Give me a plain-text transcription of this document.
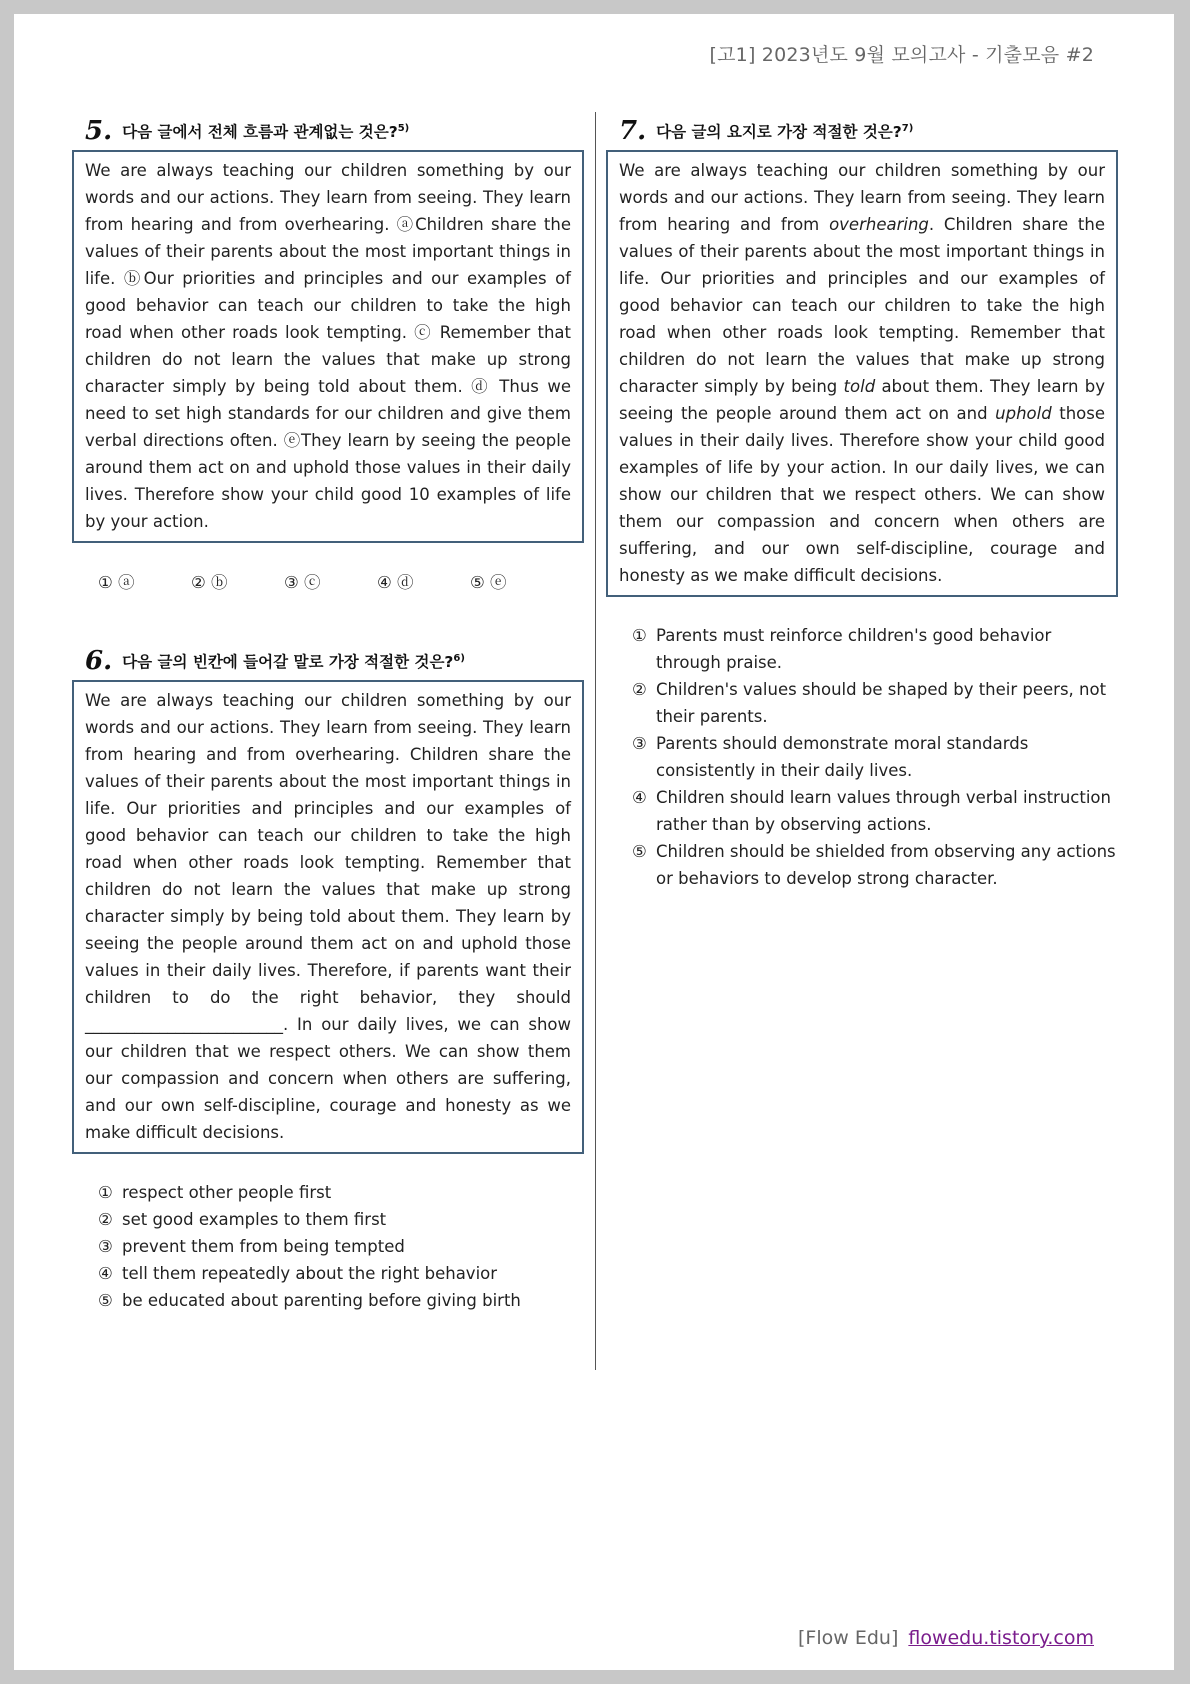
[고1] 2023년도 9월 모의고사 - 기출모음 #2
5. 다음 글에서 전체 흐름과 관계없는 것은?$^{5)}$

We are always teaching our children something by our words and our actions. They learn from seeing. They learn from hearing and from overhearing. ⓐChildren share the values of their parents about the most important things in life. ⓑOur priorities and principles and our examples of good behavior can teach our children to take the high road when other roads look tempting. ⓒ Remember that children do not learn the values that make up strong character simply by being told about them. ⓓ Thus we need to set high standards for our children and give them verbal directions often. ⓔThey learn by seeing the people around them act on and uphold those values in their daily lives. Therefore show your child good 10 examples of life by your action.

① ⓐ	② ⓑ	③ ⓒ	④ ⓓ	⑤ ⓔ
6. 다음 글의 빈칸에 들어갈 말로 가장 적절한 것은?$^{6)}$

We are always teaching our children something by our words and our actions. They learn from seeing. They learn from hearing and from overhearing. Children share the values of their parents about the most important things in life. Our priorities and principles and our examples of good behavior can teach our children to take the high road when other roads look tempting. Remember that children do not learn the values that make up strong character simply by being told about them. They learn by seeing the people around them act on and uphold those values in their daily lives. Therefore, if parents want their children to do the right behavior, they should ________________________. In our daily lives, we can show our children that we respect others. We can show them our compassion and concern when others are suffering, and our own self-discipline, courage and honesty as we make difficult decisions.

① respect other people first
② set good examples to them first
③ prevent them from being tempted
④ tell them repeatedly about the right behavior
⑤ be educated about parenting before giving birth
7. 다음 글의 요지로 가장 적절한 것은?$^{7)}$

We are always teaching our children something by our words and our actions. They learn from seeing. They learn from hearing and from overhearing. Children share the values of their parents about the most important things in life. Our priorities and principles and our examples of good behavior can teach our children to take the high road when other roads look tempting. Remember that children do not learn the values that make up strong character simply by being told about them. They learn by seeing the people around them act on and uphold those values in their daily lives. Therefore show your child good examples of life by your action. In our daily lives, we can show our children that we respect others. We can show them our compassion and concern when others are suffering, and our own self-discipline, courage and honesty as we make difficult decisions.

① Parents must reinforce children's good behavior through praise.
② Children's values should be shaped by their peers, not their parents.
③ Parents should demonstrate moral standards consistently in their daily lives.
④ Children should learn values through verbal instruction rather than by observing actions.
⑤ Children should be shielded from observing any actions or behaviors to develop strong character.
[Flow Edu] flowedu.tistory.com
